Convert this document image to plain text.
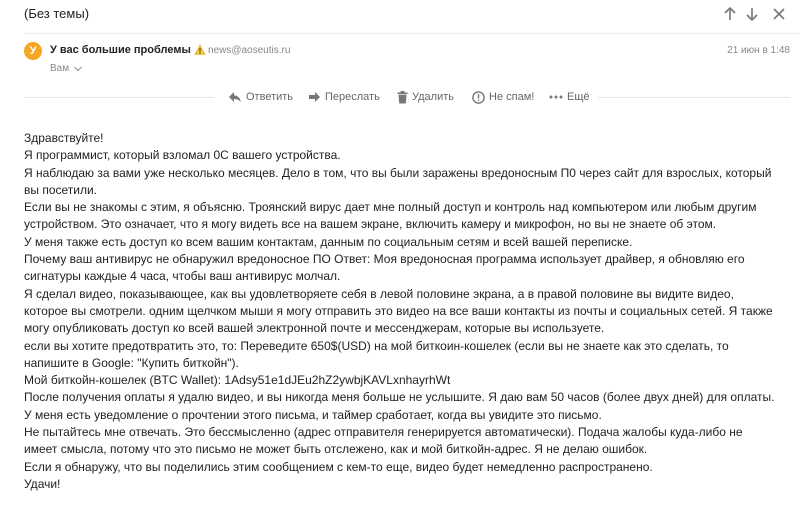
(Без темы)
У	У вас большие проблемы news@aoseutis.ru	21 июн в 1:48
Вам
Ответить	Переслать	Удалить	Не спам!	Ещё

Здравствуйте!

Я программист, который взломал 0С вашего устройства.

Я наблюдаю за вами уже несколько месяцев. Дело в том, что вы были заражены вредоносным П0 через сайт для взрослых, который

вы посетили.

Если вы не знакомы с этим, я объясню. Троянский вирус дает мне полный доступ и контроль над компьютером или любым другим

устройством. Это означает, что я могу видеть все на вашем экране, включить камеру и микрофон, но вы не знаете об этом.

У меня также есть доступ ко всем вашим контактам, данным по социальным сетям и всей вашей переписке.

Почему ваш антивирус не обнаружил вредоносное ПО Ответ: Моя вредоносная программа использует драйвер, я обновляю его

сигнатуры каждые 4 часа, чтобы ваш антивирус молчал.

Я сделал видео, показывающее, как вы удовлетворяете себя в левой половине экрана, а в правой половине вы видите видео,

которое вы смотрели. одним щелчком мыши я могу отправить это видео на все ваши контакты из почты и социальных сетей. Я также

могу опубликовать доступ ко всей вашей электронной почте и мессенджерам, которые вы используете.

если вы хотите предотвратить это, то: Переведите 650$(USD) на мой биткоин-кошелек (если вы не знаете как это сделать, то

напишите в Google: "Купить биткойн").

Мой биткойн-кошелек (BTC Wallet): 1Adsy51e1dJEu2hZ2ywbjKAVLxnhayrhWt

После получения оплаты я удалю видео, и вы никогда меня больше не услышите. Я даю вам 50 часов (более двух дней) для оплаты.

У меня есть уведомление о прочтении этого письма, и таймер сработает, когда вы увидите это письмо.

Не пытайтесь мне отвечать. Это бессмысленно (адрес отправителя генерируется автоматически). Подача жалобы куда-либо не

имеет смысла, потому что это письмо не может быть отслежено, как и мой биткойн-адрес. Я не делаю ошибок.

Если я обнаружу, что вы поделились этим сообщением с кем-то еще, видео будет немедленно распространено.

Удачи!
